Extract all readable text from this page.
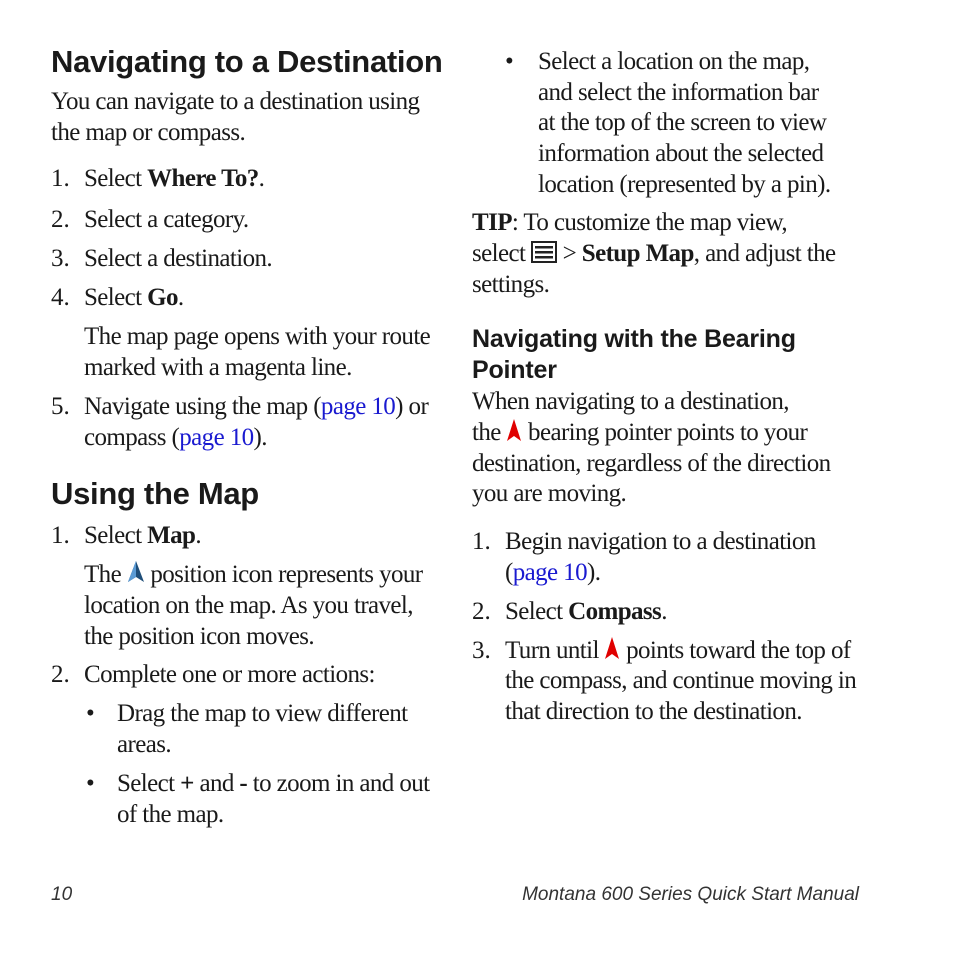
Navigating to a Destination
You can navigate to a destination using
the map or compass.
1. Select Where To?.
2. Select a category.
3. Select a destination.
4. Select Go.
The map page opens with your route
marked with a magenta line.
5. Navigate using the map (page 10) or
compass (page 10).
Using the Map
1. Select Map.
The  position icon represents your
location on the map. As you travel,
the position icon moves.
2. Complete one or more actions:
• Drag the map to view different
areas.
• Select + and - to zoom in and out
of the map.
• Select a location on the map,
and select the information bar
at the top of the screen to view
information about the selected
location (represented by a pin).
TIP: To customize the map view,
select  > Setup Map, and adjust the
settings.
Navigating with the Bearing Pointer
When navigating to a destination,
the  bearing pointer points to your
destination, regardless of the direction
you are moving.
1. Begin navigation to a destination
(page 10).
2. Select Compass.
3. Turn until  points toward the top of
the compass, and continue moving in
that direction to the destination.
10	Montana 600 Series Quick Start Manual
